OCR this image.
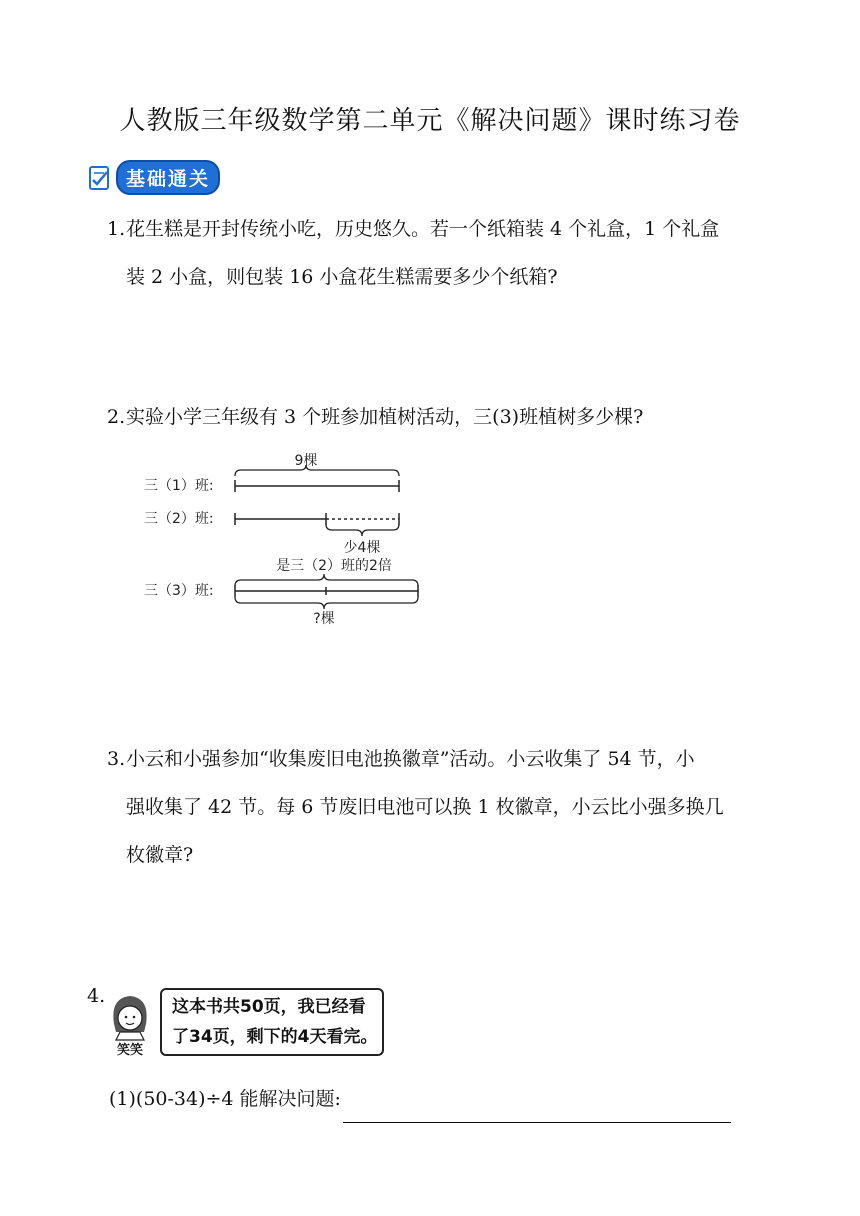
人教版三年级数学第二单元《解决问题》课时练习卷
基础通关
1. 花生糕是开封传统小吃，历史悠久。若一个纸箱装 4 个礼盒，1 个礼盒
装 2 小盒，则包装 16 小盒花生糕需要多少个纸箱?
2. 实验小学三年级有 3 个班参加植树活动，三(3)班植树多少棵?
三（1）班:
9棵
三（2）班:
少4棵
是三（2）班的2倍
三（3）班:
?棵
3. 小云和小强参加“收集废旧电池换徽章”活动。小云收集了 54 节，小
强收集了 42 节。每 6 节废旧电池可以换 1 枚徽章，小云比小强多换几
枚徽章?
4.
笑笑
这本书共50页，我已经看
了34页，剩下的4天看完。
(1)(50-34)÷4 能解决问题:
